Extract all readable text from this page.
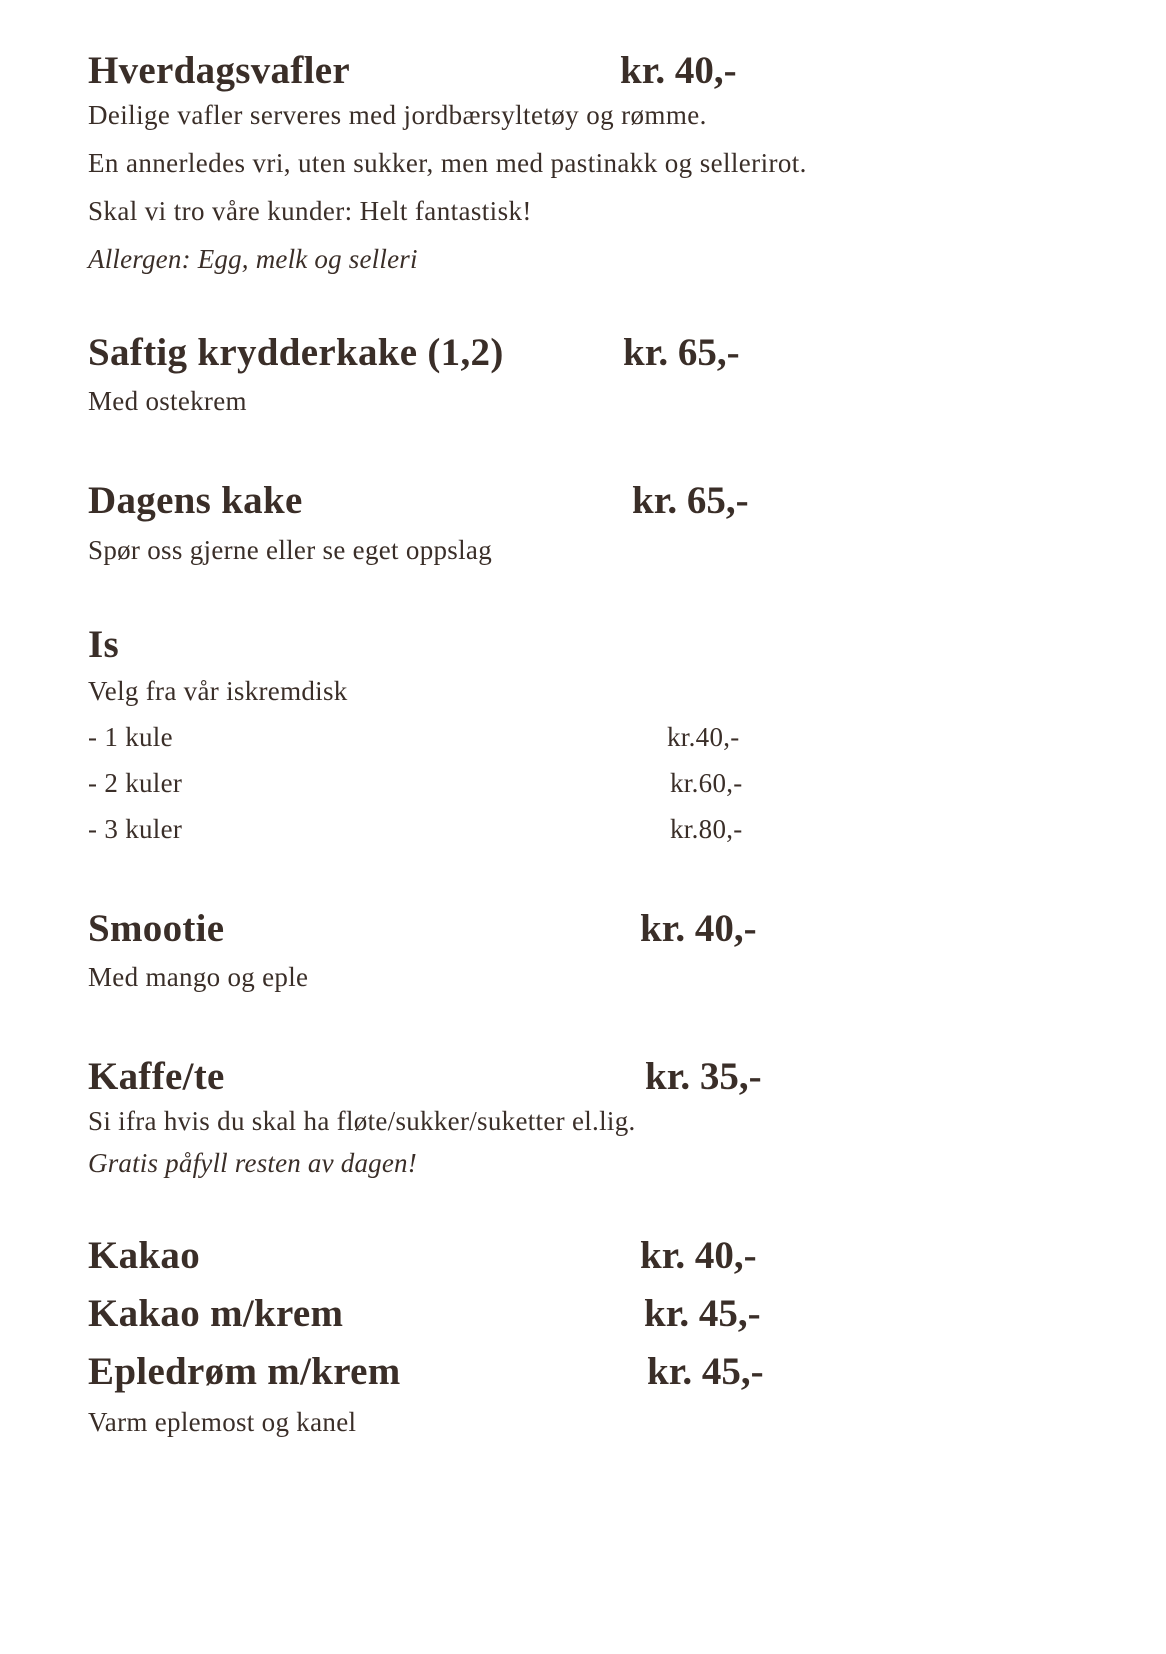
Hverdagsvafler	kr. 40,-
Deilige vafler serveres med jordbærsyltetøy og rømme.
En annerledes vri, uten sukker, men med pastinakk og sellerirot.
Skal vi tro våre kunder: Helt fantastisk!
Allergen: Egg, melk og selleri
Saftig krydderkake (1,2)	kr. 65,-
Med ostekrem
Dagens kake	kr. 65,-
Spør oss gjerne eller se eget oppslag
Is
Velg fra vår iskremdisk
- 1 kule	kr.40,-
- 2 kuler	kr.60,-
- 3 kuler	kr.80,-
Smootie	kr. 40,-
Med mango og eple
Kaffe/te	kr. 35,-
Si ifra hvis du skal ha fløte/sukker/suketter el.lig.
Gratis påfyll resten av dagen!
Kakao	kr. 40,-
Kakao m/krem	kr. 45,-
Epledrøm m/krem	kr. 45,-
Varm eplemost og kanel
